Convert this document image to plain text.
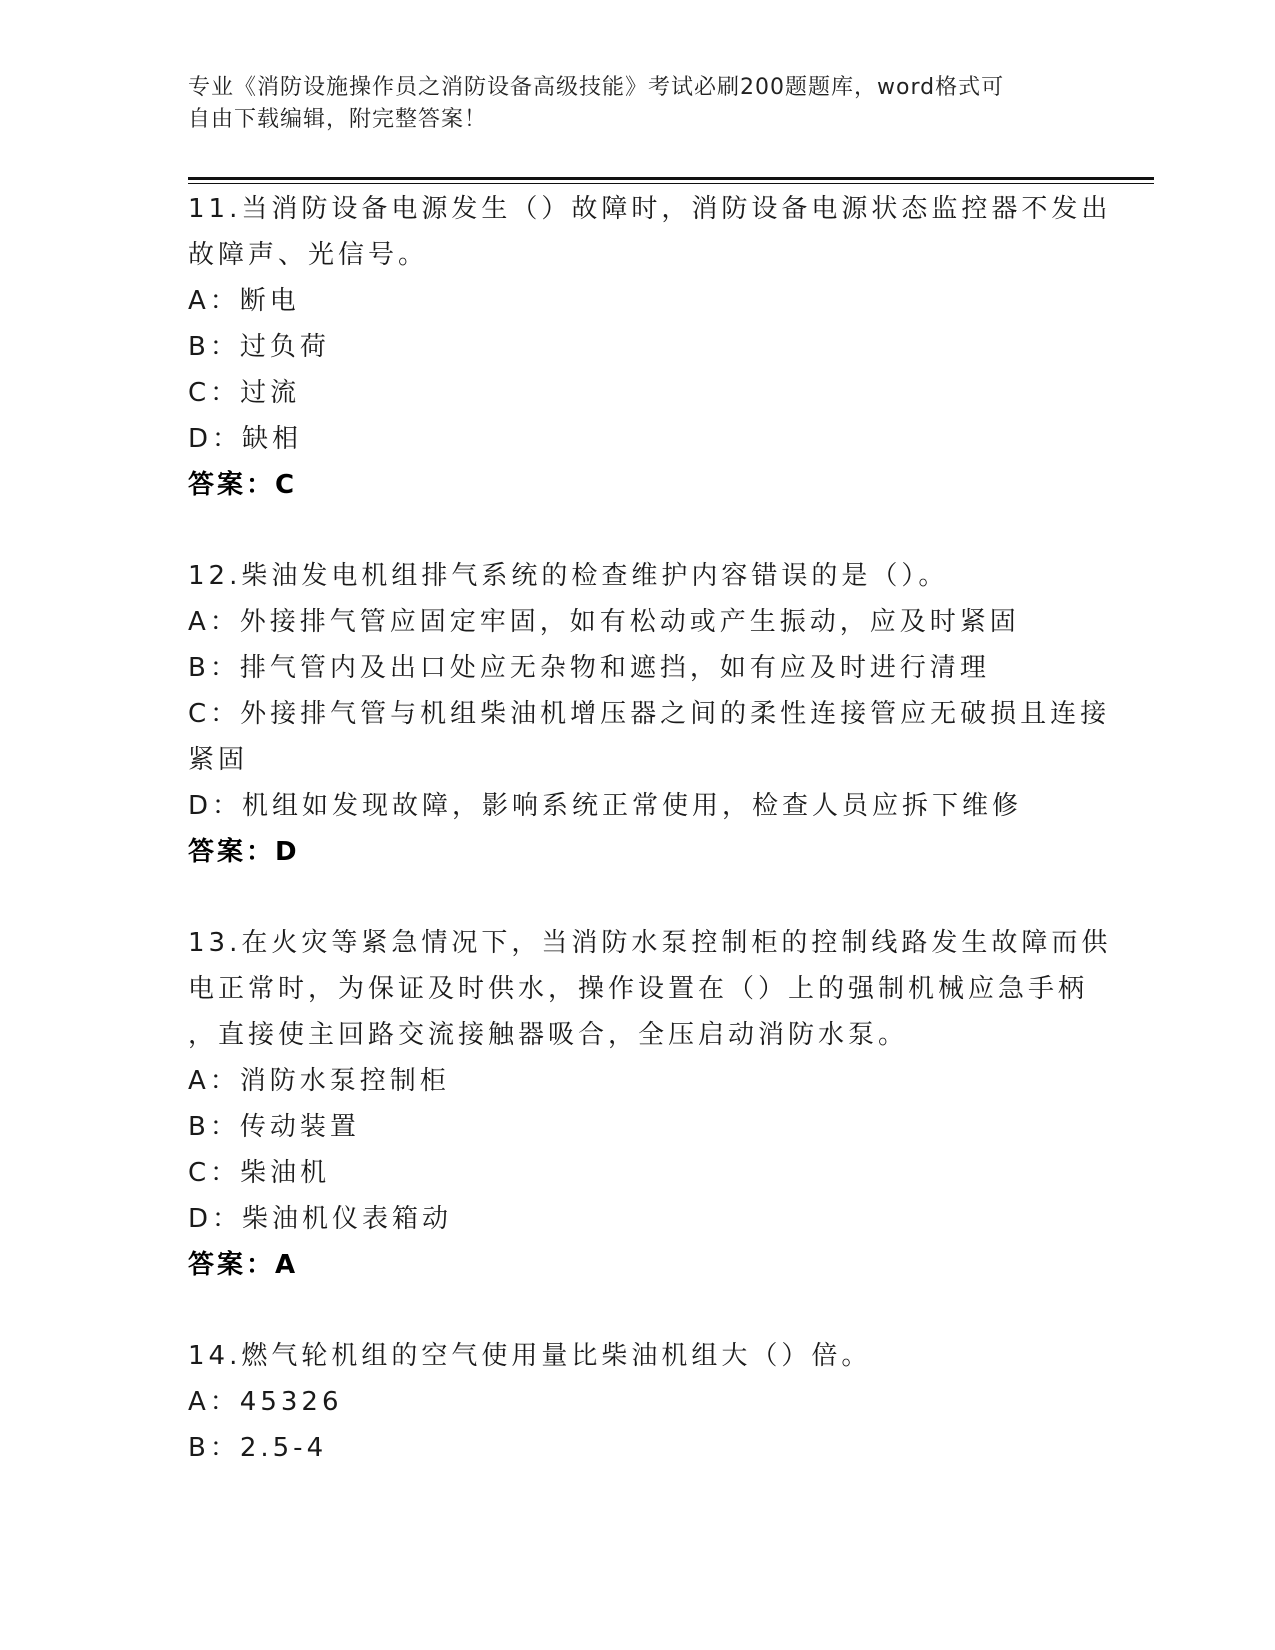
专业《消防设施操作员之消防设备高级技能》考试必刷200题题库，word格式可
自由下载编辑，附完整答案！
11.当消防设备电源发生（）故障时，消防设备电源状态监控器不发出
故障声、光信号。
A：断电
B：过负荷
C：过流
D：缺相
答案：C
12.柴油发电机组排气系统的检查维护内容错误的是（）。
A：外接排气管应固定牢固，如有松动或产生振动，应及时紧固
B：排气管内及出口处应无杂物和遮挡，如有应及时进行清理
C：外接排气管与机组柴油机增压器之间的柔性连接管应无破损且连接
紧固
D：机组如发现故障，影响系统正常使用，检查人员应拆下维修
答案：D
13.在火灾等紧急情况下，当消防水泵控制柜的控制线路发生故障而供
电正常时，为保证及时供水，操作设置在（）上的强制机械应急手柄
，直接使主回路交流接触器吸合，全压启动消防水泵。
A：消防水泵控制柜
B：传动装置
C：柴油机
D：柴油机仪表箱动
答案：A
14.燃气轮机组的空气使用量比柴油机组大（）倍。
A：45326
B：2.5-4
